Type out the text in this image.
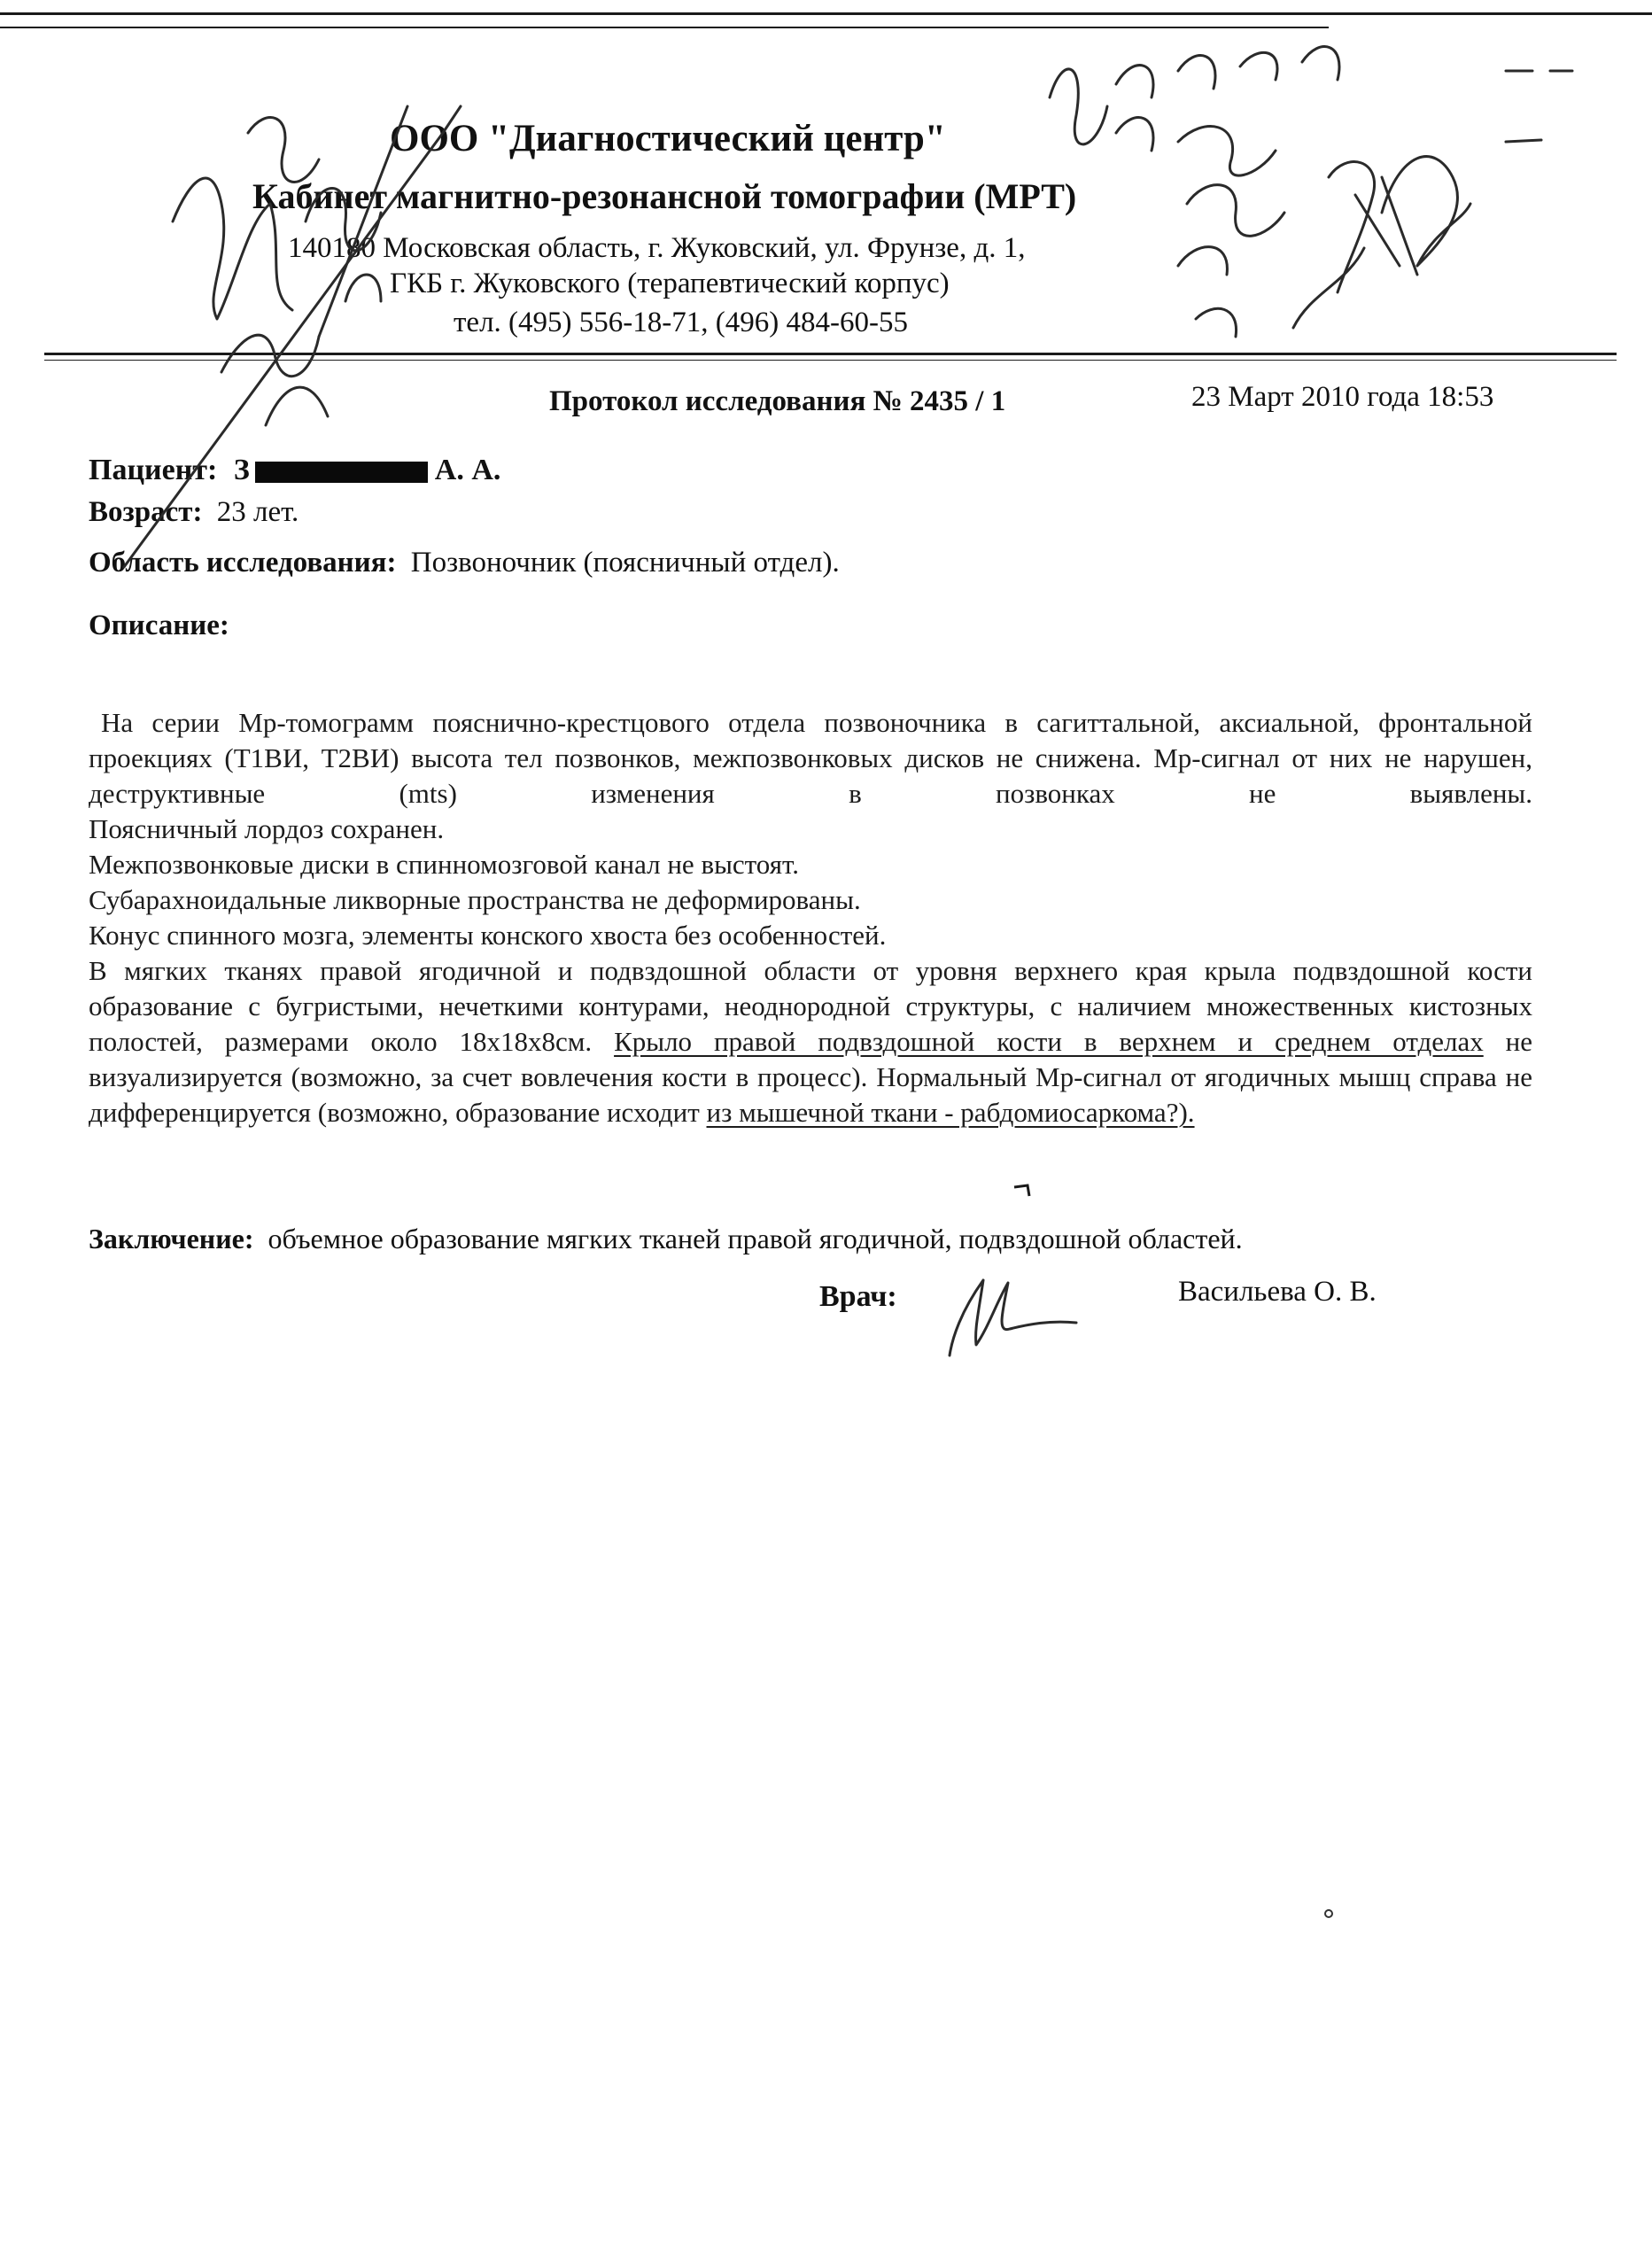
ООО "Диагностический центр"
Кабинет магнитно-резонансной томографии (МРТ)
140180 Московская область, г. Жуковский, ул. Фрунзе, д. 1,
ГКБ г. Жуковского (терапевтический корпус)
тел. (495) 556-18-71, (496) 484-60-55
Протокол исследования № 2435 / 1	23 Март 2010 года 18:53
Пациент: З	А. А.
Возраст: 23 лет.
Область исследования: Позвоночник (поясничный отдел).
Описание:

На серии Мр-томограмм пояснично-крестцового отдела позвоночника в сагиттальной, аксиальной, фронтальной проекциях (Т1ВИ, Т2ВИ) высота тел позвонков, межпозвонковых дисков не снижена. Мр-сигнал от них не нарушен, деструктивные (mts) изменения в позвонках не выявлены.

Поясничный лордоз сохранен.

Межпозвонковые диски в спинномозговой канал не выстоят.

Субарахноидальные ликворные пространства не деформированы.

Конус спинного мозга, элементы конского хвоста без особенностей.

В мягких тканях правой ягодичной и подвздошной области от уровня верхнего края крыла подвздошной кости образование с бугристыми, нечеткими контурами, неоднородной структуры, с наличием множественных кистозных полостей, размерами около 18х18х8см. Крыло правой подвздошной кости в верхнем и среднем отделах не визуализируется (возможно, за счет вовлечения кости в процесс). Нормальный Мр-сигнал от ягодичных мышц справа не дифференцируется (возможно, образование исходит из мышечной ткани - рабдомиосаркома?).

Заключение: объемное образование мягких тканей правой ягодичной, подвздошной областей.
Врач:	Васильева О. В.
